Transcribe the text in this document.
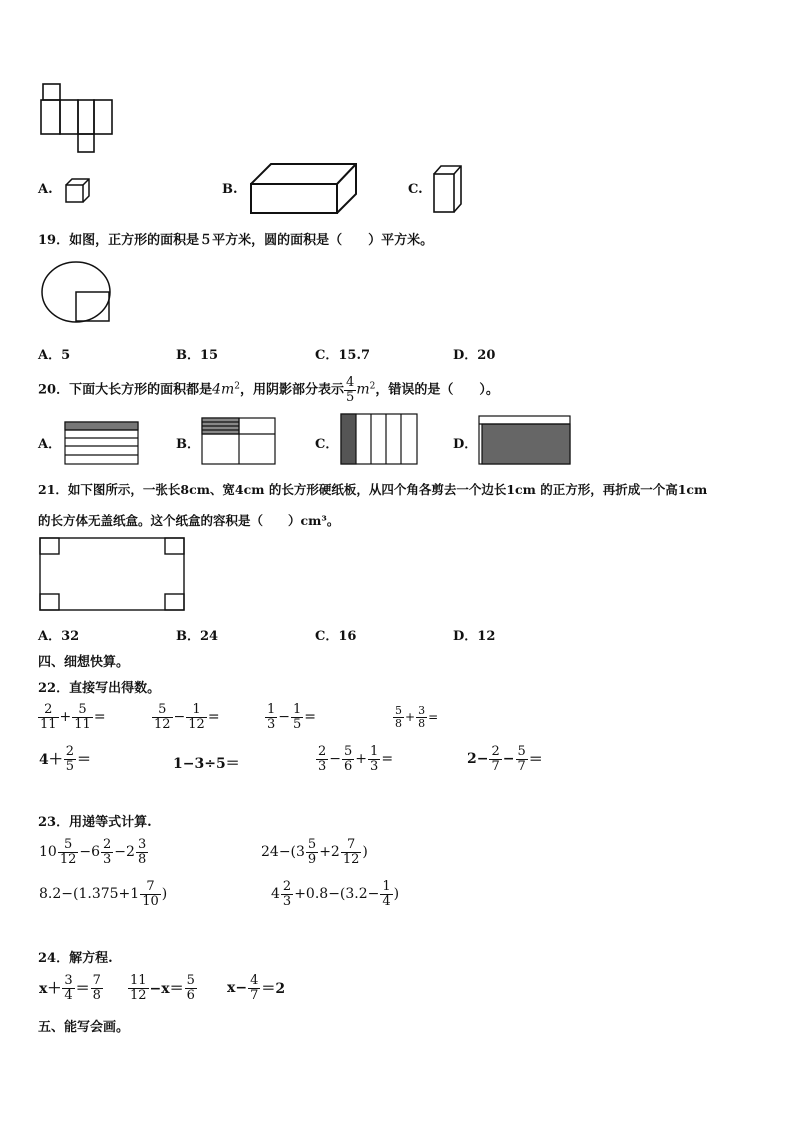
A.	B.	C.
19．如图，正方形的面积是５平方米，圆的面积是（　　）平方米。
A．5	B．15	C．15.7	D．20
20．下面大长方形的面积都是$4m^2$，用阴影部分表示 $\frac{4}{5} m^2$，错误的是（　　）。
A．	B．	C．	D．
21．如下图所示，一张长8cm、宽4cm 的长方形硬纸板，从四个角各剪去一个边长1cm 的正方形，再折成一个高1cm
的长方体无盖纸盒。这个纸盒的容积是（　　）cm³。
A．32	B．24	C．16	D．12
四、细想快算。
22．直接写出得数。
$\frac{2}{11} + \frac{5}{11}$ =	$\frac{5}{12} - \frac{1}{12}$ =	$\frac{1}{3} - \frac{1}{5}$ =	$\frac{5}{8} + \frac{3}{8}$ =
$4+ \frac{2}{5}$ ＝	1−3÷5＝	$\frac{2}{3} - \frac{5}{6} + \frac{1}{3}$ =	$2- \frac{2}{7} - \frac{5}{7}$ ＝
23．用递等式计算.
$10 \frac{5}{12} -6 \frac{2}{3} -2 \frac{3}{8}$	$24-(3 \frac{5}{9} +2 \frac{7}{12}$ )
$8.2-(1.375+1 \frac{7}{10}$ )	$4 \frac{2}{3} +0.8-(3.2- \frac{1}{4}$ )
24．解方程.
$x+ \frac{3}{4} = \frac{7}{8} \frac{11}{12} -x= \frac{5}{6} x- \frac{4}{7} =2$
五、能写会画。
